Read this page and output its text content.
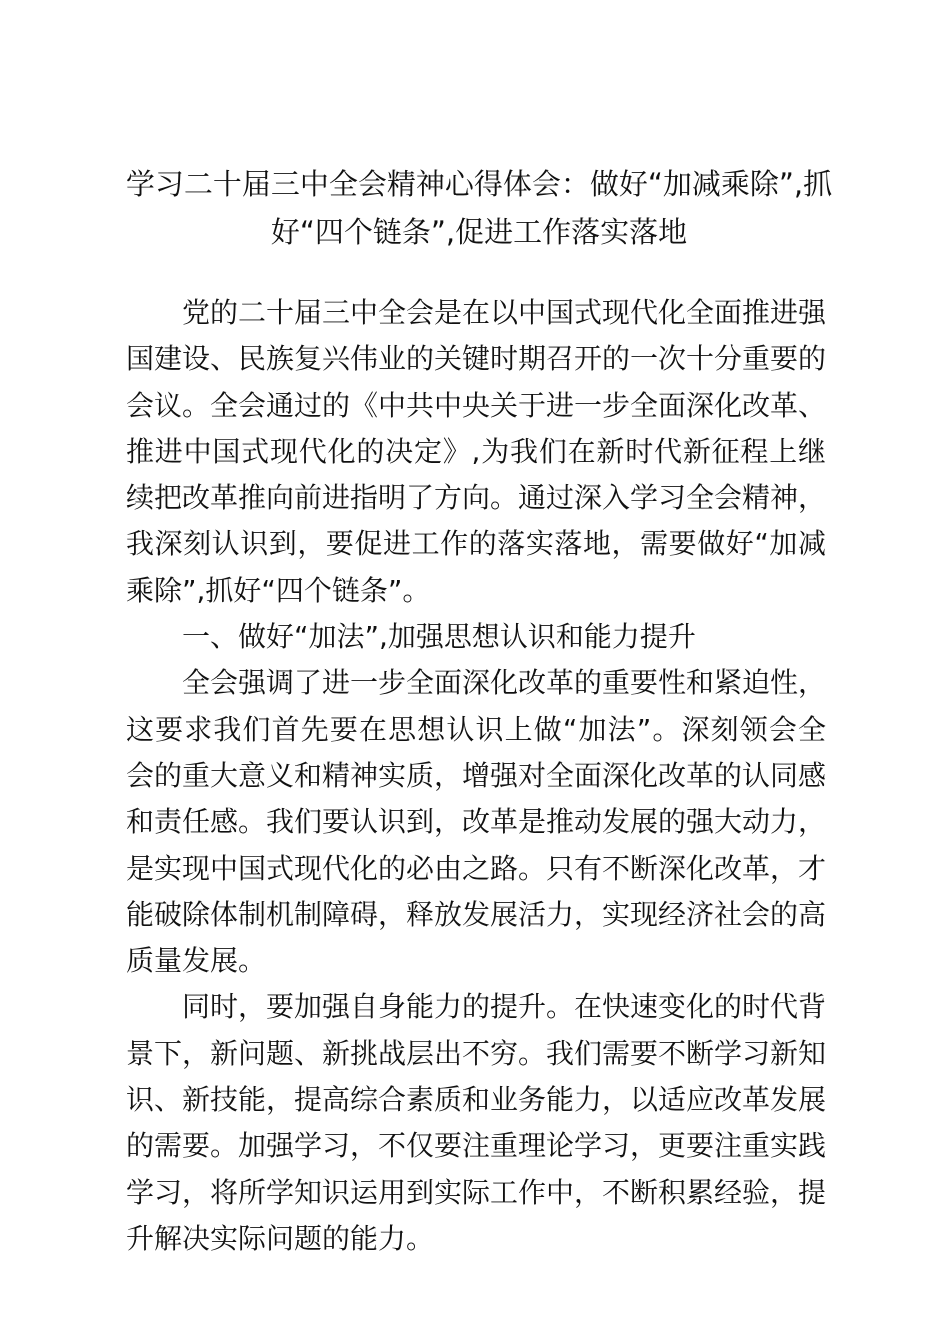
学习二十届三中全会精神心得体会：做好“加减乘除”,抓好“四个链条”,促进工作落实落地

党的二十届三中全会是在以中国式现代化全面推进强国建设、民族复兴伟业的关键时期召开的一次十分重要的会议。全会通过的《中共中央关于进一步全面深化改革、推进中国式现代化的决定》,为我们在新时代新征程上继续把改革推向前进指明了方向。通过深入学习全会精神，我深刻认识到，要促进工作的落实落地，需要做好“加减乘除”,抓好“四个链条”。

一、做好“加法”,加强思想认识和能力提升

全会强调了进一步全面深化改革的重要性和紧迫性，这要求我们首先要在思想认识上做“加法”。深刻领会全会的重大意义和精神实质，增强对全面深化改革的认同感和责任感。我们要认识到，改革是推动发展的强大动力，是实现中国式现代化的必由之路。只有不断深化改革，才能破除体制机制障碍，释放发展活力，实现经济社会的高质量发展。

同时，要加强自身能力的提升。在快速变化的时代背景下，新问题、新挑战层出不穷。我们需要不断学习新知识、新技能，提高综合素质和业务能力，以适应改革发展的需要。加强学习，不仅要注重理论学习，更要注重实践学习，将所学知识运用到实际工作中，不断积累经验，提升解决实际问题的能力。
